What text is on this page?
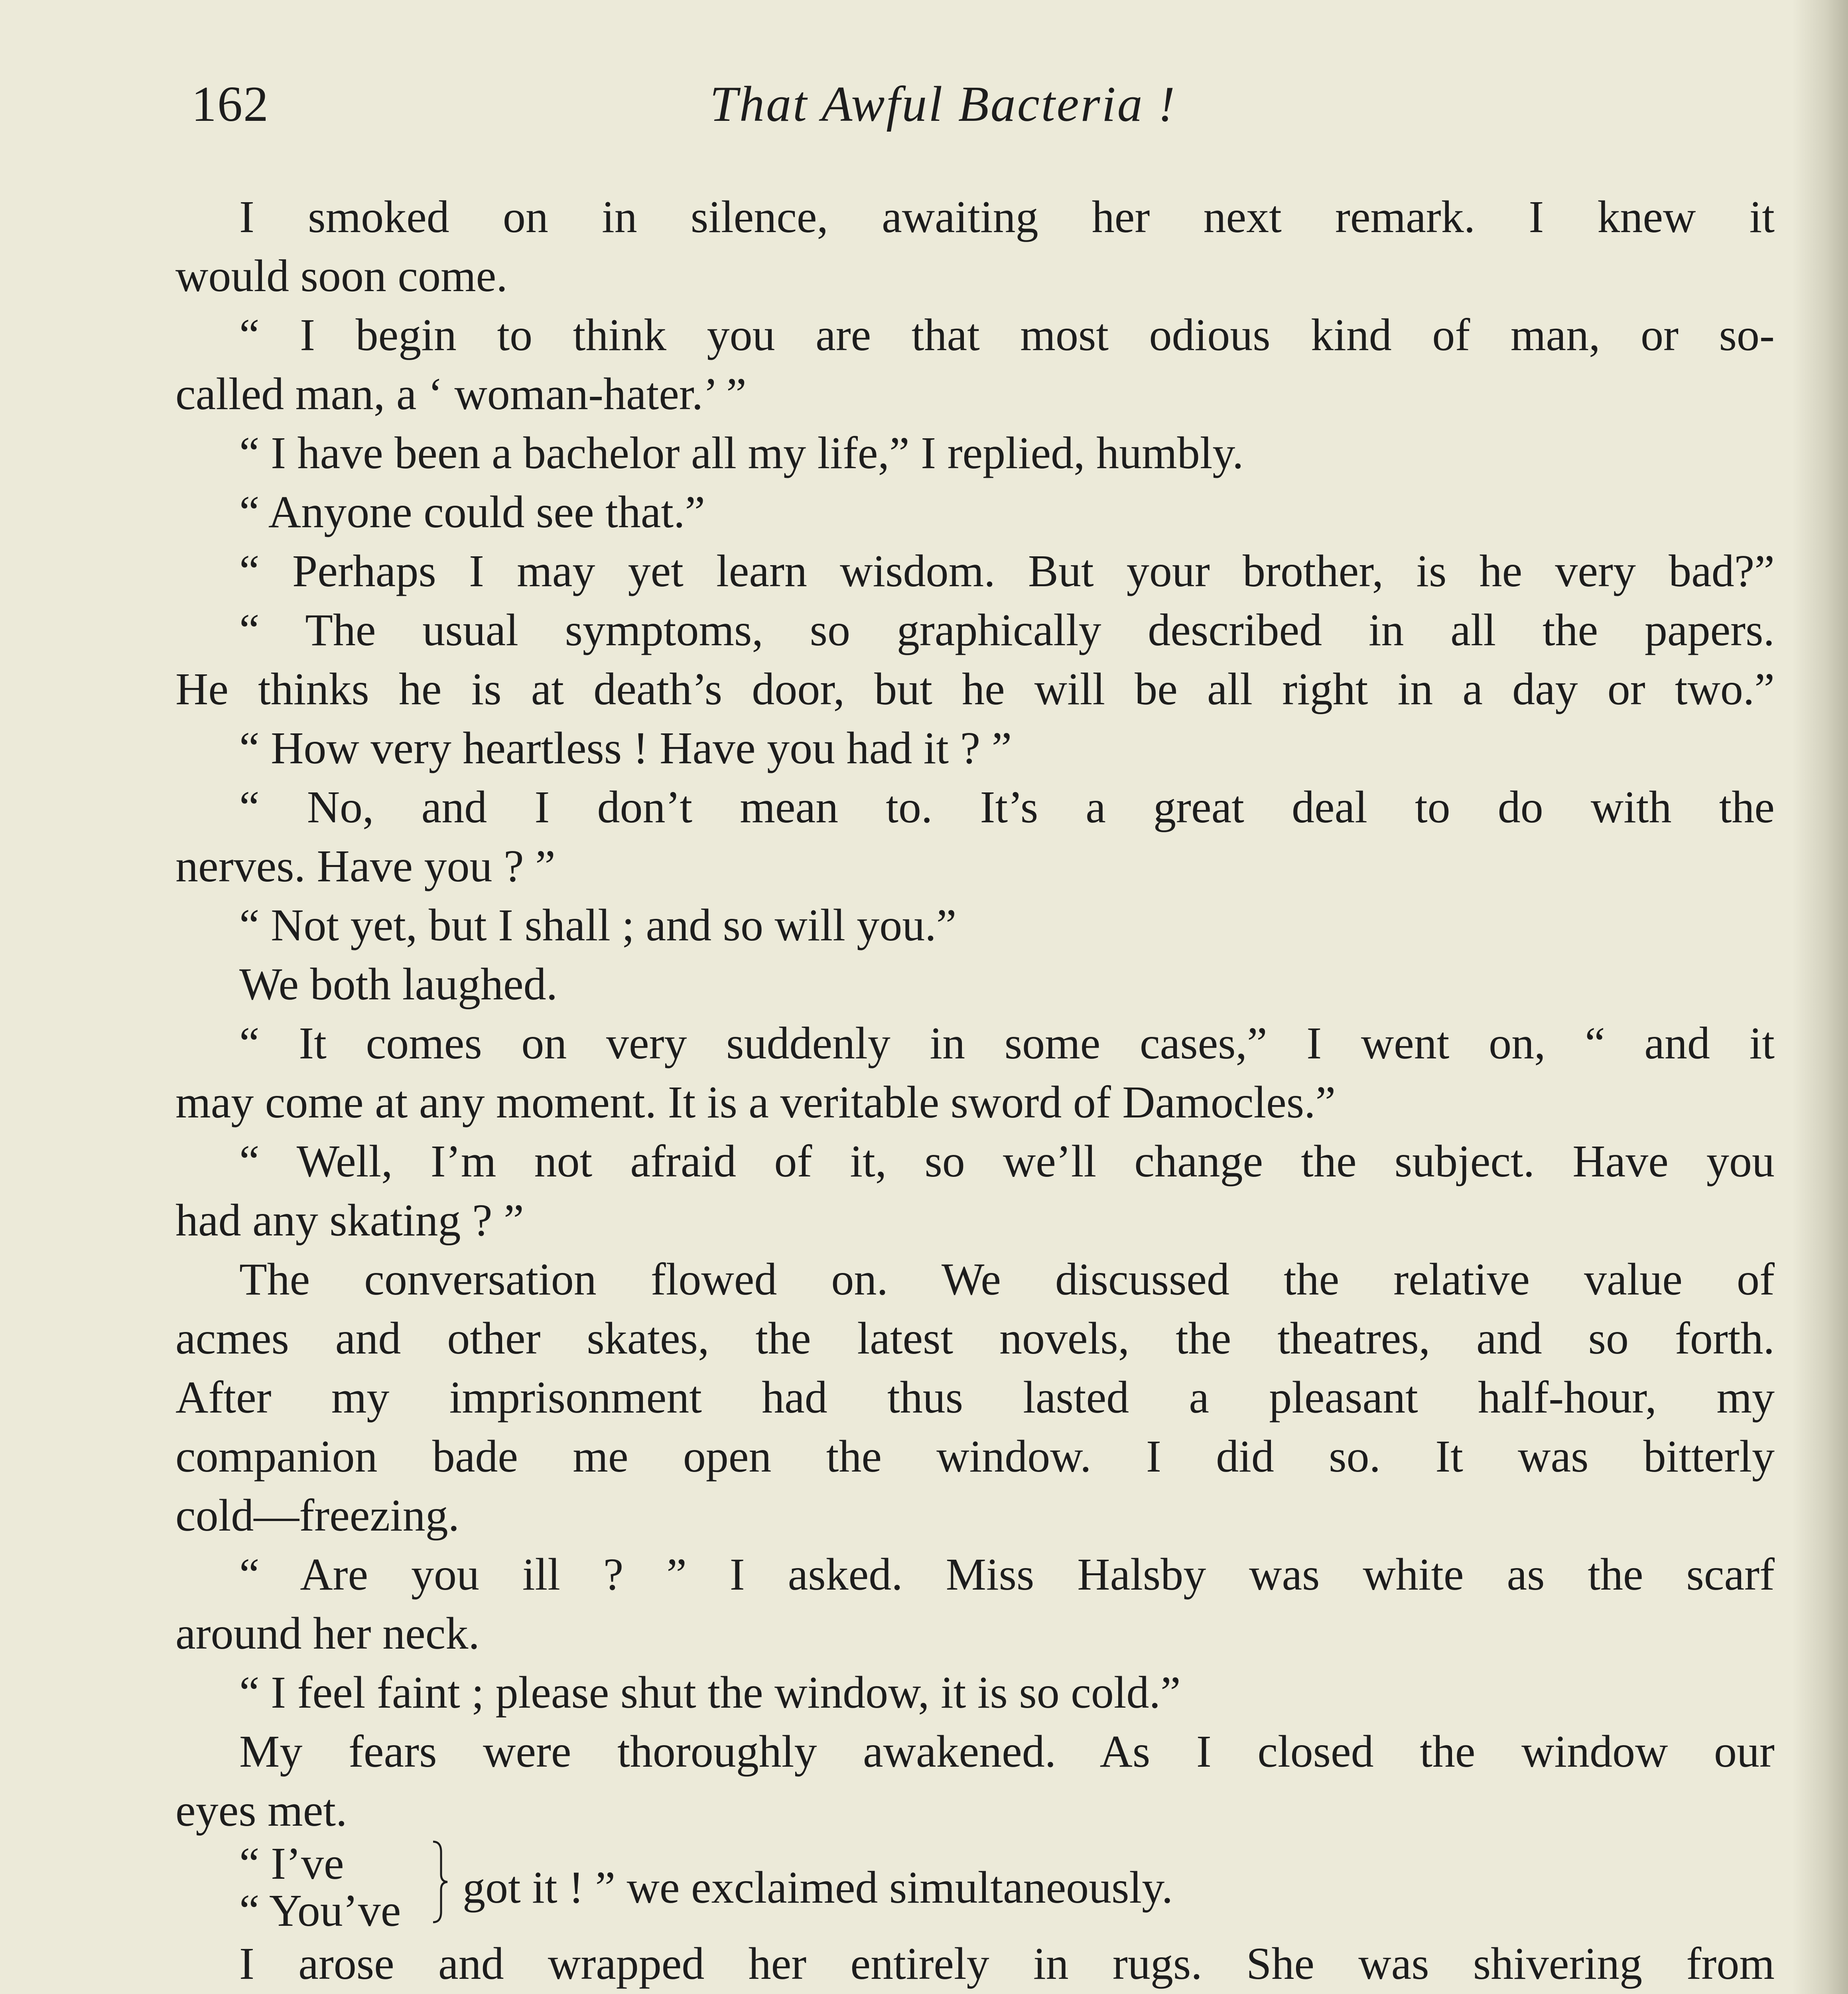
162	That Awful Bacteria !
I smoked on in silence, awaiting her next remark. I knew it
would soon come.
“ I begin to think you are that most odious kind of man, or so-
called man, a ‘ woman-hater.’ ”
“ I have been a bachelor all my life,” I replied, humbly.
“ Anyone could see that.”
“ Perhaps I may yet learn wisdom. But your brother, is he very bad?”
“ The usual symptoms, so graphically described in all the papers.
He thinks he is at death’s door, but he will be all right in a day or two.”
“ How very heartless ! Have you had it ? ”
“ No, and I don’t mean to. It’s a great deal to do with the
nerves. Have you ? ”
“ Not yet, but I shall ; and so will you.”
We both laughed.
“ It comes on very suddenly in some cases,” I went on, “ and it
may come at any moment. It is a veritable sword of Damocles.”
“ Well, I’m not afraid of it, so we’ll change the subject. Have you
had any skating ? ”
The conversation flowed on. We discussed the relative value of
acmes and other skates, the latest novels, the theatres, and so forth.
After my imprisonment had thus lasted a pleasant half-hour, my
companion bade me open the window. I did so. It was bitterly
cold—freezing.
“ Are you ill ? ” I asked. Miss Halsby was white as the scarf
around her neck.
“ I feel faint ; please shut the window, it is so cold.”
My fears were thoroughly awakened. As I closed the window our
eyes met.
“ I’ve
“ You’ve got it ! ” we exclaimed simultaneously.
I arose and wrapped her entirely in rugs. She was shivering from
